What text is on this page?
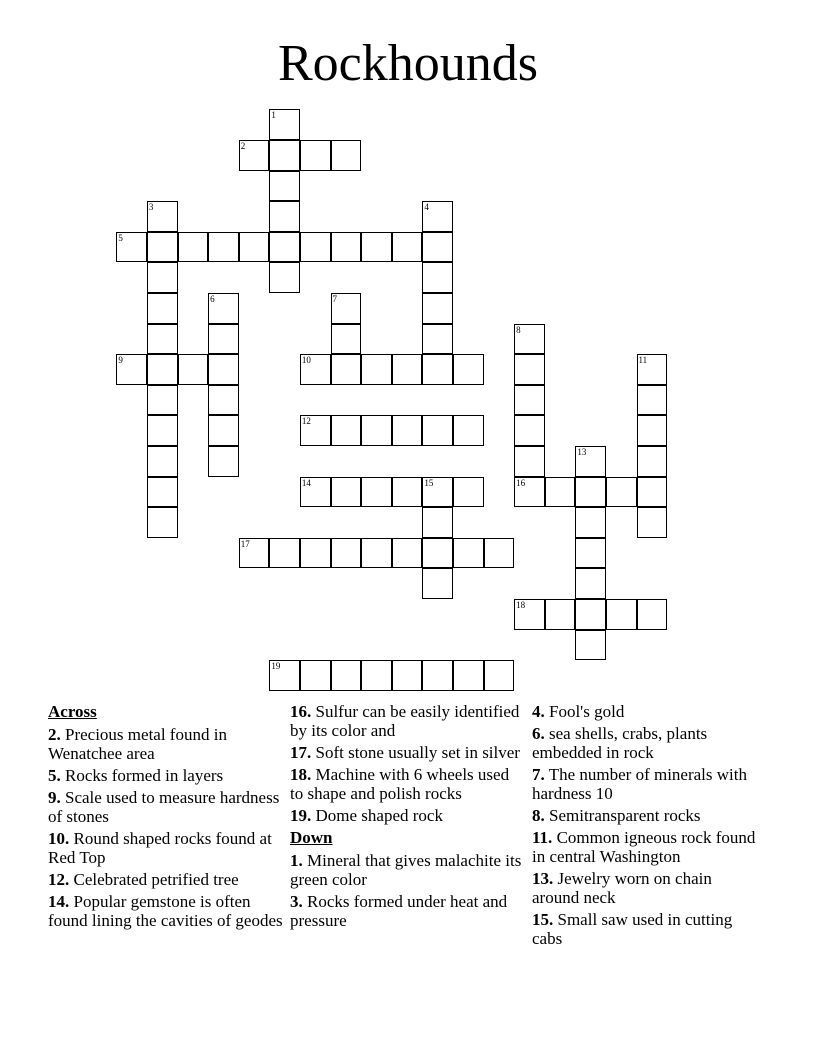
Rockhounds
1
2
3	4
5
6	7
8
16
9	10	11
12
13
14	15
17
18
19
Across
2. Precious metal found in Wenatchee area
5. Rocks formed in layers
9. Scale used to measure hardness of stones
10. Round shaped rocks found at Red Top
12. Celebrated petrified tree
14. Popular gemstone is often found lining the cavities of geodes
16. Sulfur can be easily identified by its color and
17. Soft stone usually set in silver
18. Machine with 6 wheels used to shape and polish rocks
19. Dome shaped rock
Down
1. Mineral that gives malachite its green color
3. Rocks formed under heat and pressure
4. Fool's gold
6. sea shells, crabs, plants embedded in rock
7. The number of minerals with hardness 10
8. Semitransparent rocks
11. Common igneous rock found in central Washington
13. Jewelry worn on chain around neck
15. Small saw used in cutting cabs
